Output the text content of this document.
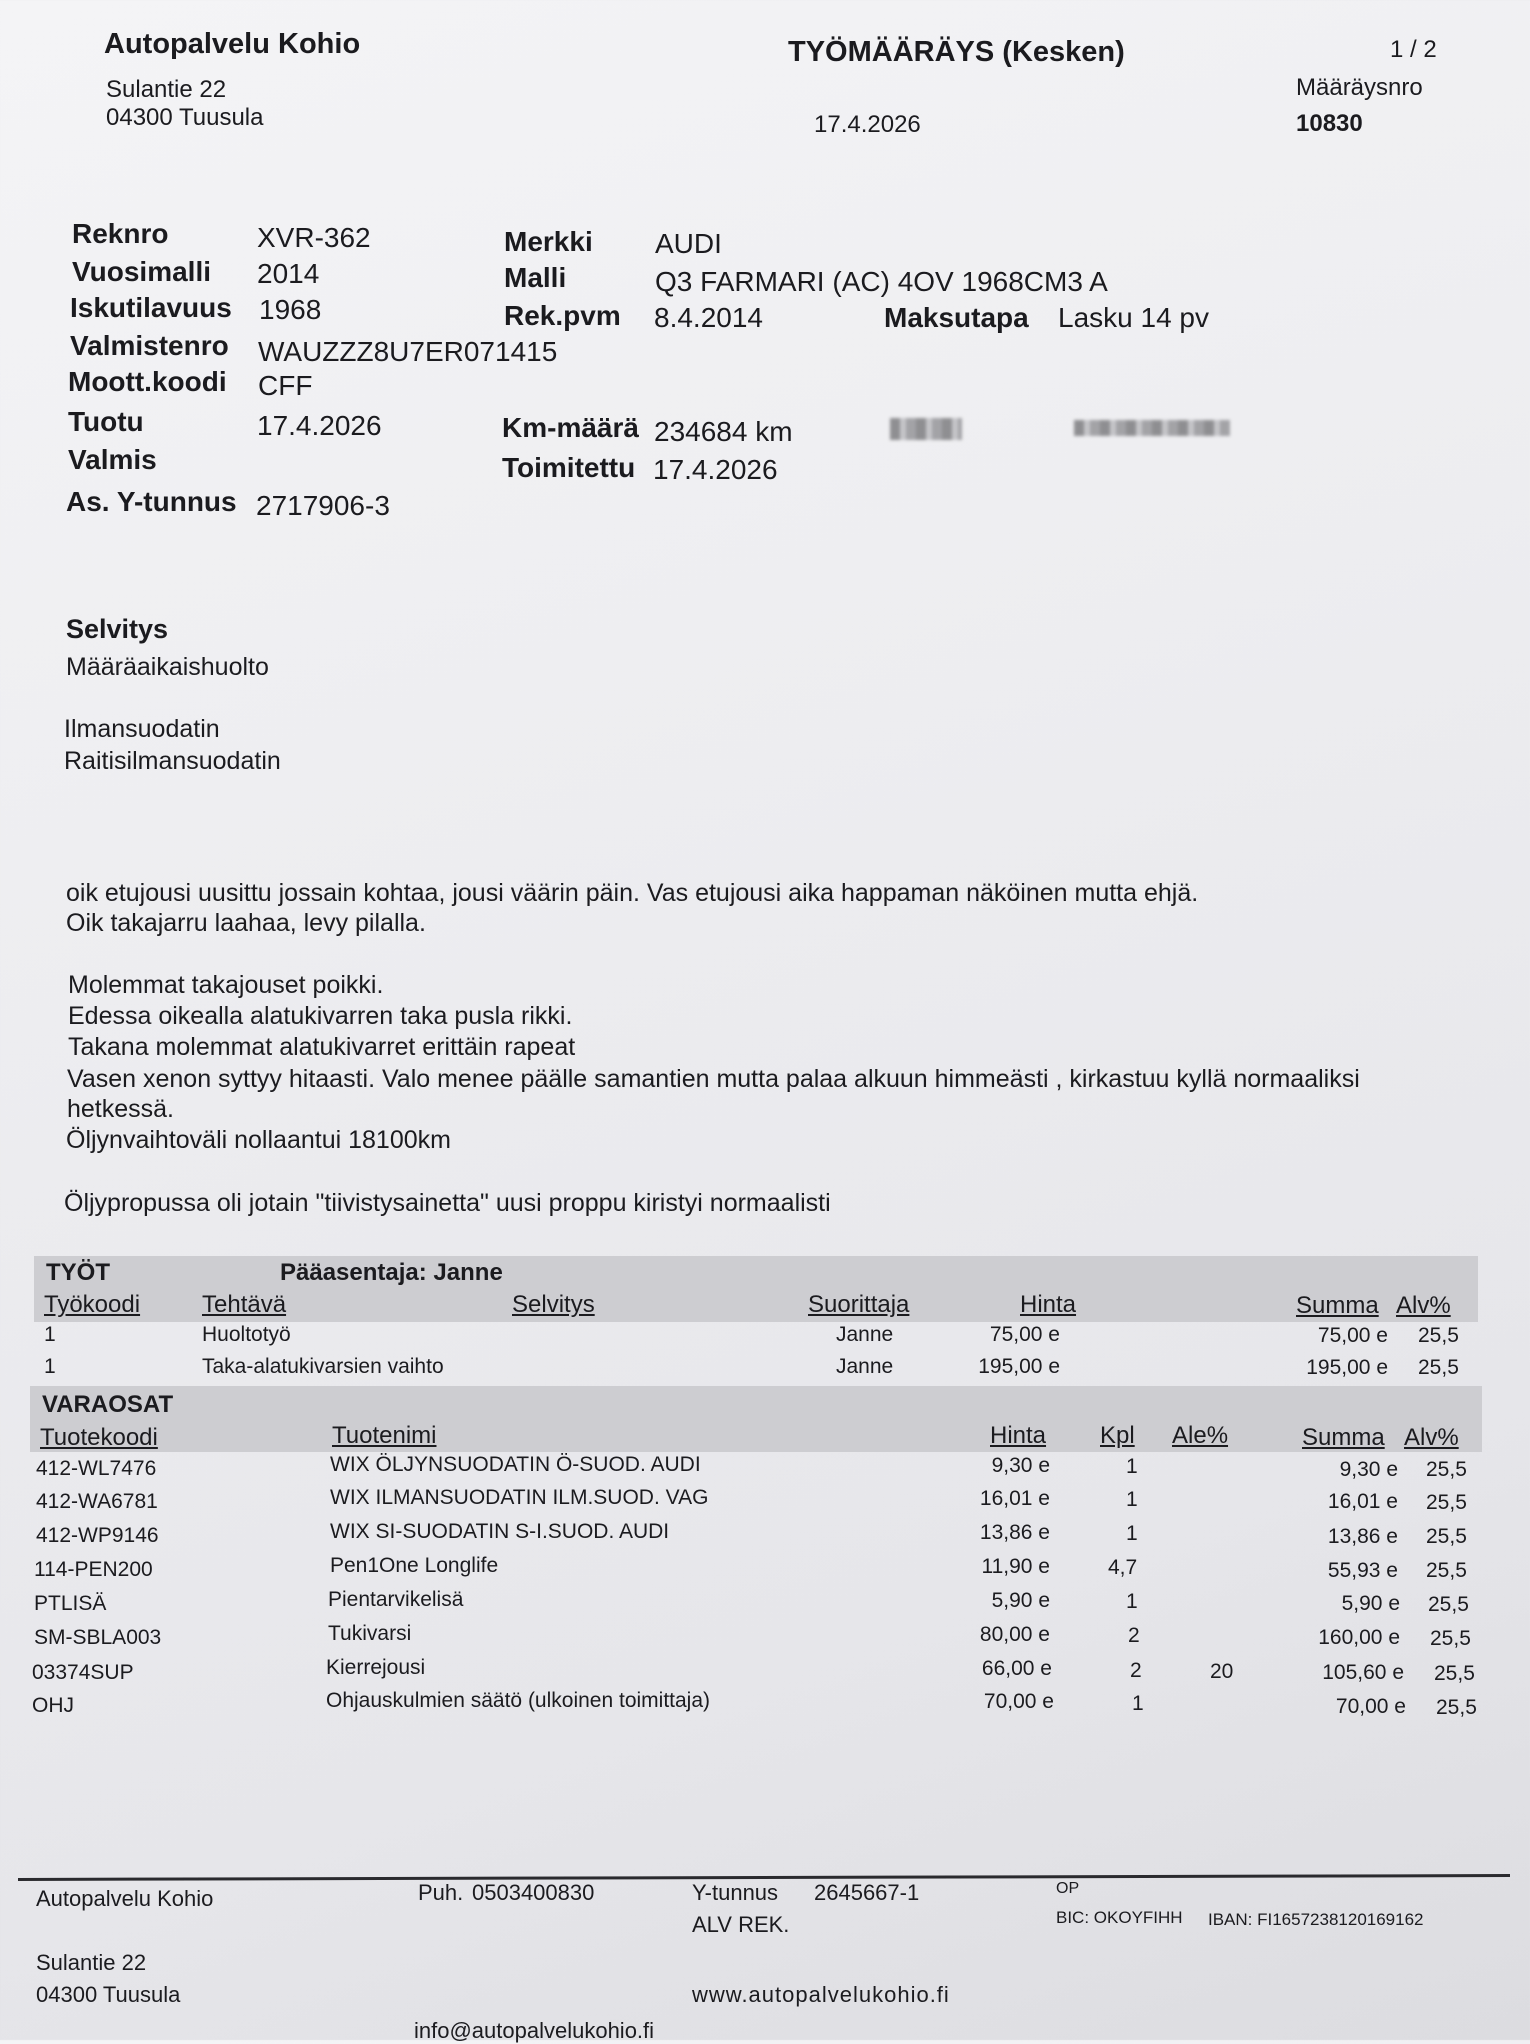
Autopalvelu Kohio
Sulantie 22
04300 Tuusula
TYÖMÄÄRÄYS (Kesken)
17.4.2026
1 / 2
Määräysnro
10830
Reknro	XVR-362
Vuosimalli 2014
Iskutilavuus 1968
Valmistenro WAUZZZ8U7ER071415
Moott.koodi CFF
Tuotu	17.4.2026
Valmis
As. Y-tunnus 2717906-3
Merkki AUDI
Malli	Q3 FARMARI (AC) 4OV 1968CM3 A
Rek.pvm 8.4.2014	Maksutapa Lasku 14 pv
Km-määrä 234684 km
Toimitettu 17.4.2026
Selvitys
Määräaikaishuolto
Ilmansuodatin
Raitisilmansuodatin
oik etujousi uusittu jossain kohtaa, jousi väärin päin. Vas etujousi aika happaman näköinen mutta ehjä.
Oik takajarru laahaa, levy pilalla.
Molemmat takajouset poikki.
Edessa oikealla alatukivarren taka pusla rikki.
Takana molemmat alatukivarret erittäin rapeat
Vasen xenon syttyy hitaasti. Valo menee päälle samantien mutta palaa alkuun himmeästi , kirkastuu kyllä normaaliksi
hetkessä.
Öljynvaihtoväli nollaantui 18100km
Öljypropussa oli jotain "tiivistysainetta" uusi proppu kiristyi normaalisti
TYÖT	Pääasentaja: Janne
Työkoodi	Tehtävä	Selvitys	Suorittaja	Hinta	Summa Alv%
1	Huoltotyö	Janne	75,00 e	75,00 e 25,5
1	Taka-alatukivarsien vaihto	Janne	195,00 e	195,00 e 25,5
VARAOSAT
Tuotekoodi	Tuotenimi	Hinta Kpl Ale%	Summa Alv%
412-WL7476	WIX ÖLJYNSUODATIN Ö-SUOD. AUDI	9,30 e	1	9,30 e 25,5
412-WA6781	WIX ILMANSUODATIN ILM.SUOD. VAG	16,01 e	1	16,01 e 25,5
412-WP9146	WIX SI-SUODATIN S-I.SUOD. AUDI	13,86 e	1	13,86 e 25,5
114-PEN200	Pen1One Longlife	11,90 e	4,7	55,93 e 25,5
PTLISÄ	Pientarvikelisä	5,90 e	1	5,90 e 25,5
SM-SBLA003	Tukivarsi	80,00 e	2	160,00 e 25,5
03374SUP	Kierrejousi	66,00 e	2	20	105,60 e 25,5
OHJ	Ohjauskulmien säätö (ulkoinen toimittaja)	70,00 e	1	70,00 e 25,5
Autopalvelu Kohio
Sulantie 22
04300 Tuusula
Puh. 0503400830
info@autopalvelukohio.fi
Y-tunnus 2645667-1
ALV REK.
www.autopalvelukohio.fi
OP
BIC: OKOYFIHH IBAN: FI1657238120169162
